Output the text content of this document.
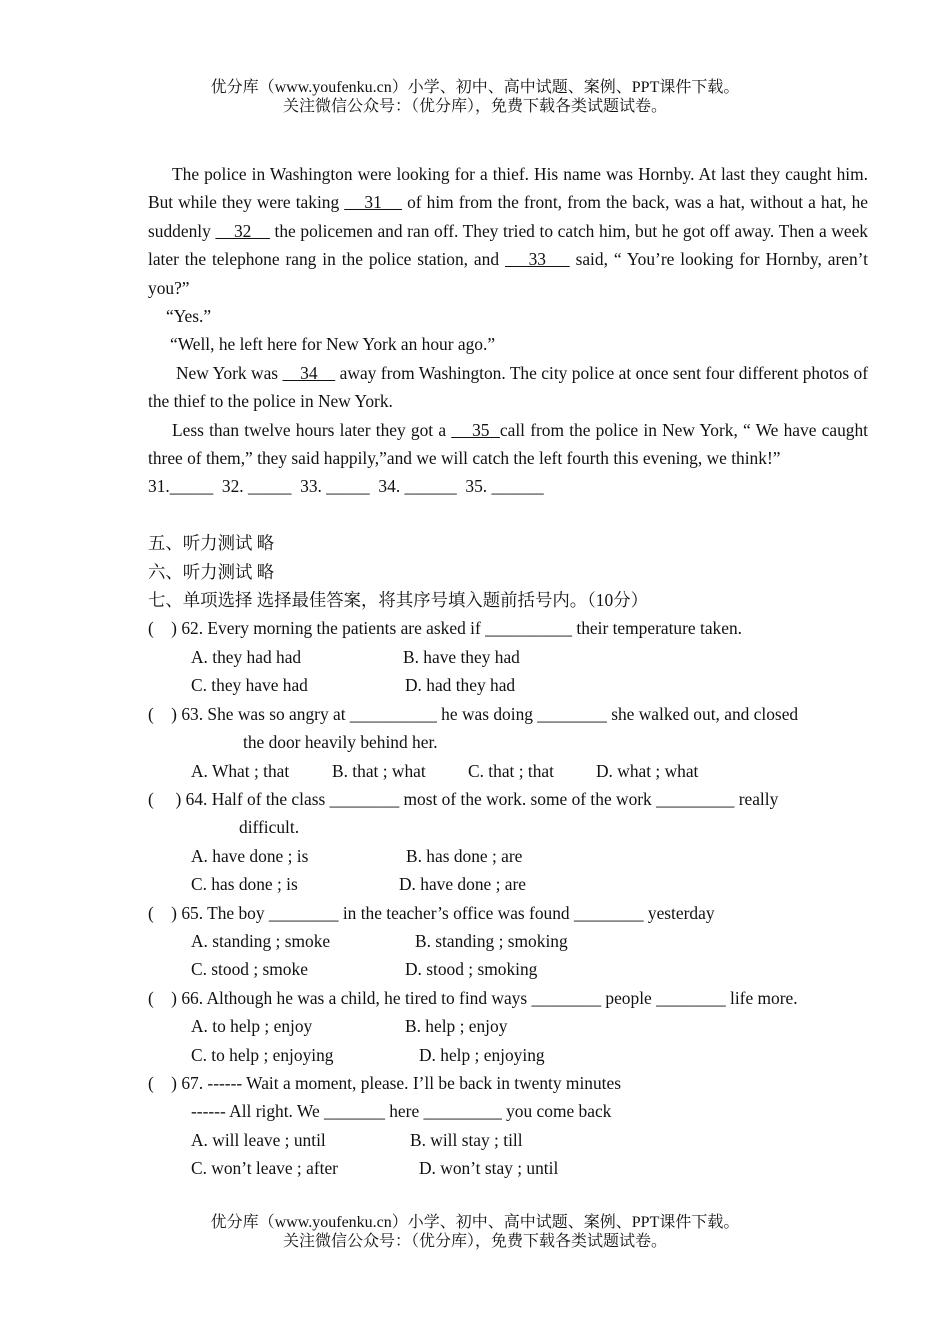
优分库（www.youfenku.cn）小学、初中、高中试题、案例、PPT课件下载。
关注微信公众号：（优分库），免费下载各类试题试卷。

The police in Washington were looking for a thief. His name was Hornby. At last they caught him. But while they were taking     31     of him from the front, from the back, was a hat, without a hat, he suddenly     32     the policemen and ran off. They tried to catch him, but he got off away. Then a week later the telephone rang in the police station, and     33     said, “ You’re looking for Hornby, aren’t you?”

“Yes.”

“Well, he left here for New York an hour ago.”

New York was     34     away from Washington. The city police at once sent four different photos of the thief to the police in New York.

Less than twelve hours later they got a     35  call from the police in New York, “ We have caught three of them,” they said happily,”and we will catch the left fourth this evening, we think!”

31._____  32. _____  33. _____  34. ______  35. ______

五、听力测试 略

六、听力测试 略

七、单项选择 选择最佳答案，将其序号填入题前括号内。（10分）

(    ) 62. Every morning the patients are asked if __________ their temperature taken.

A. they had had	B. have they had
C. they have had	D. had they had

(    ) 63. She was so angry at __________ he was doing ________ she walked out, and closed

the door heavily behind her.

A. What ; that	B. that ; what	C. that ; that	D. what ; what

(     ) 64. Half of the class ________ most of the work. some of the work _________ really

difficult.

A. have done ; is	B. has done ; are
C. has done ; is	D. have done ; are

(    ) 65. The boy ________ in the teacher’s office was found ________ yesterday

A. standing ; smoke	B. standing ; smoking
C. stood ; smoke	D. stood ; smoking

(    ) 66. Although he was a child, he tired to find ways ________ people ________ life more.

A. to help ; enjoy	B. help ; enjoy
C. to help ; enjoying	D. help ; enjoying

(    ) 67. ------ Wait a moment, please. I’ll be back in twenty minutes

------ All right. We _______ here _________ you come back

A. will leave ; until	B. will stay ; till
C. won’t leave ; after	D. won’t stay ; until
优分库（www.youfenku.cn）小学、初中、高中试题、案例、PPT课件下载。
关注微信公众号：（优分库），免费下载各类试题试卷。
